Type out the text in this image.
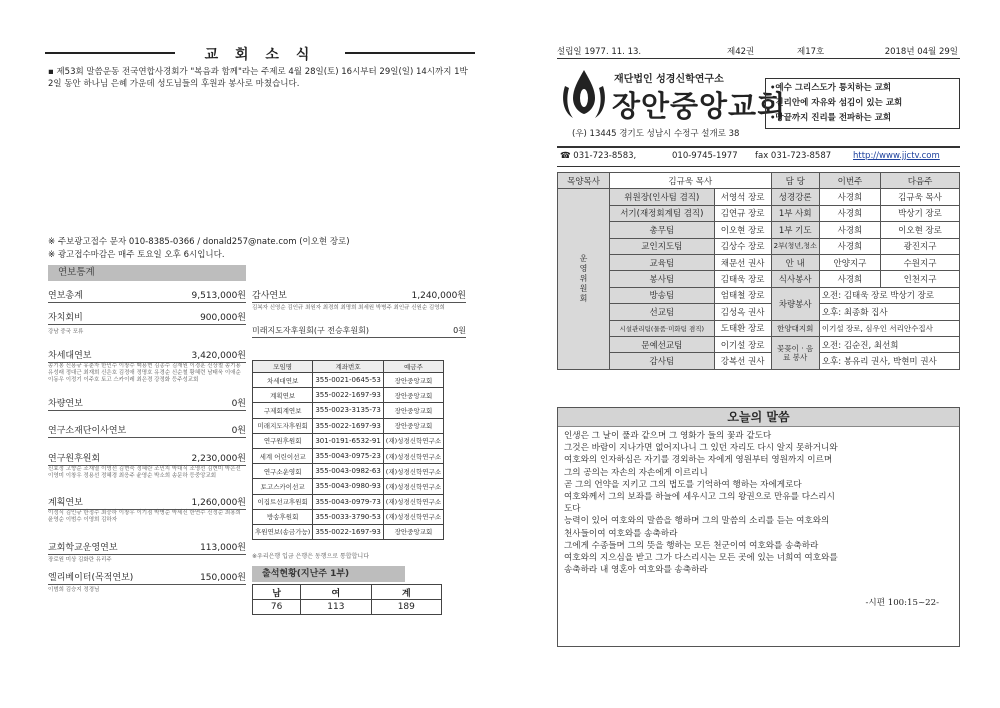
교 회 소 식
▪ 제53회 말씀운동 전국연합사경회가 "복음과 함께"라는 주제로 4월 28일(토) 16시부터 29일(일) 14시까지 1박 2일 동안 하나님 은혜 가운데 성도님들의 후원과 봉사로 마쳤습니다.
※ 주보광고접수 문자 010-8385-0366 / donald257@nate.com (이오현 장로)
※ 광고접수마감은 매주 토요일 오후 6시입니다.
연보통계
연보총계	9,513,000원
자치회비	900,000원
강남 중국 포류
차세대연보	3,420,000원
송기봉 신용규 유춘자 한민수 이창수 백용현 김종수 김재원 이경훈 신상철 송기용 유성래 정대근 최재희 신은호 김정애 정명호 유경순 신순철 황혜련 남태욱 이애순 이동우 이정기 이주호 토고 스카이레 최은경 강정화 등주성교회
차량연보	0원
연구소재단이사연보	0원
연구원후원회	2,230,000원
신효정 고향순 조재열 이영선 김현숙 정혜란 조민지 박대식 조영선 김현미 박은선 이영미 이창우 정용선 정혜경 최응주 윤영순 박소희 송문하 등중앙교회
계획연보	1,260,000원
이정식 김인규 한정수 최승하 이창우 이기점 박병순 박세신 한연수 신정순 최용희 윤영순 이범수 이영희 김하자
교회학교운영연보	113,000원
장로원 미상 김화란 유리주
엘리베이터(목적연보)	150,000원
이범희 김승지 정경님
감사연보	1,240,000원
김복자 신영순 김인규 최원자 최경희 최명희 최세원 박병주 최인규 신원순 김영희
미래지도자후원회(구 전승후원회)	0원
모임명	계좌번호	예금주
차세대연보	355-0021-0645-53	장안중앙교회
계획연보	355-0022-1697-93	장안중앙교회
구제회계연보	355-0023-3135-73	장안중앙교회
미래지도자후원회	355-0022-1697-93	장안중앙교회
연구원후원회	301-0191-6532-91	(재)성경신학연구소
세계 어린이선교	355-0043-0975-23	(재)성경신학연구소
연구소운영회	355-0043-0982-63	(재)성경신학연구소
토고스카이선교	355-0043-0980-93	(재)성경신학연구소
이집트선교후원회	355-0043-0979-73	(재)성경신학연구소
방송후원회	355-0033-3790-53	(재)성경신학연구소
후원연보(송금가능)	355-0022-1697-93	장안중앙교회
※우리은행 입금 은행은 동행으로 통합합니다
출석현황(지난주 1부)
남	여	계
76	113	189
설립일 1977. 11. 13.	제42권	제17호	2018년 04월 29일
재단법인 성경신학연구소
장안중앙교회
(우) 13445 경기도 성남시 수정구 설개로 38
•예수 그리스도가 통치하는 교회
•진리안에 자유와 섬김이 있는 교회
•땅끝까지 진리를 전파하는 교회
☎ 031-723-8583,	010-9745-1977 fax 031-723-8587	http://www.jjctv.com
목양목사	김규욱 목사		담 당	이번주	다음주
운영위원회	위원장(인사팀 겸직)	서영석 장로	성경강론	사경희	김규욱 목사
	서기(재정회계팀 겸직)	김연규 장로	1부 사회	사경희	박상기 장로
	총무팀	이오현 장로	1부 기도	사경희	이오현 장로
	교인지도팀	김상수 장로	2부(청년,청소	사경희	광진지구
	교육팀	채문선 권사	안 내	안양지구	수원지구
	봉사팀	김태욱 장로	식사봉사	사경희	인천지구
	방송팀	엄태철 장로	차량봉사	오전: 김태욱 장로 박상기 장로	
	선교팀	김성옥 권사		오후: 최종화 집사	
	시설관리팀(물품·미화팀 겸직)	도태환 장로	한양대지회	이기설 장로, 심우인 서리안수집사	
	문예선교팀	이기설 장로	꽃꽂이 · 음료 봉사	오전: 김순진, 최선희	
	감사팀	강복선 권사		오후: 봉유리 권사, 박현미 권사	
오늘의 말씀
인생은 그 날이 풀과 같으며 그 영화가 들의 꽃과 같도다
그것은 바람이 지나가면 없어지나니 그 있던 자리도 다시 알지 못하거니와
여호와의 인자하심은 자기를 경외하는 자에게 영원부터 영원까지 이르며
그의 공의는 자손의 자손에게 이르리니
곧 그의 언약을 지키고 그의 법도를 기억하여 행하는 자에게로다
여호와께서 그의 보좌를 하늘에 세우시고 그의 왕권으로 만유를 다스리시
도다
능력이 있어 여호와의 말씀을 행하며 그의 말씀의 소리를 듣는 여호와의
천사들이여 여호와를 송축하라
그에게 수종들며 그의 뜻을 행하는 모든 천군이여 여호와를 송축하라
여호와의 지으심을 받고 그가 다스리시는 모든 곳에 있는 너희여 여호와를
송축하라 내 영혼아 여호와를 송축하라
-시편 100:15~22-
